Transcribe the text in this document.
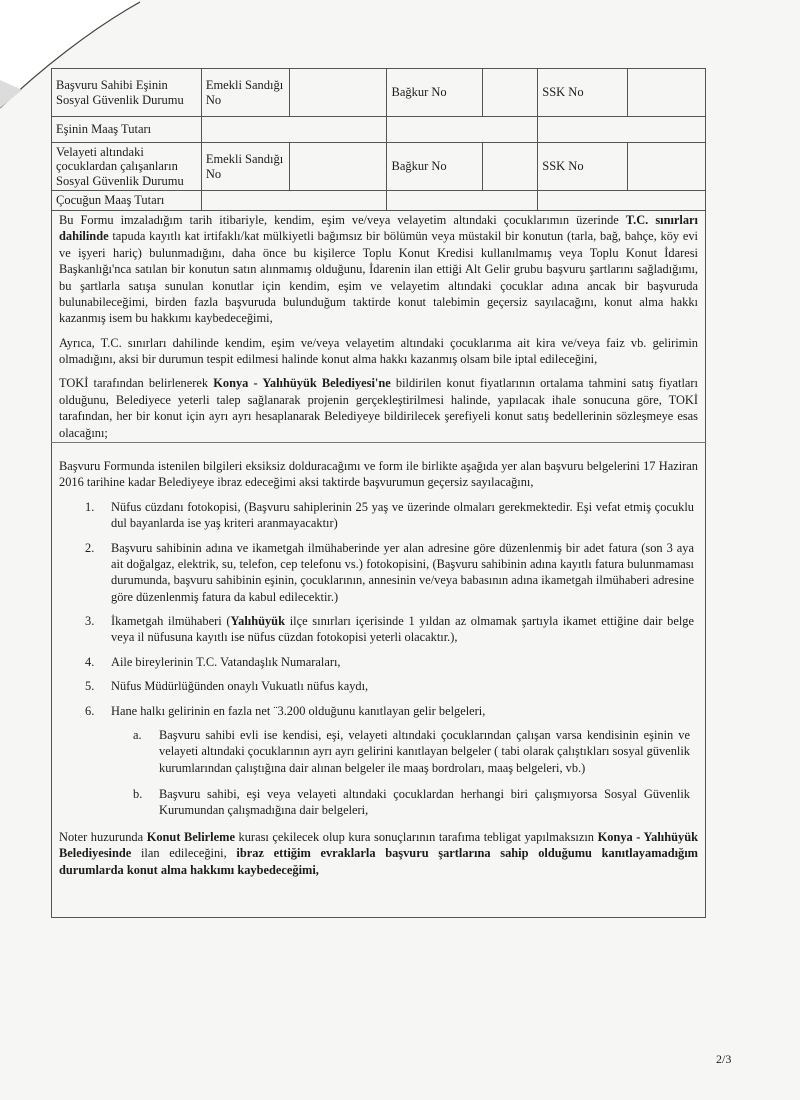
Başvuru Sahibi Eşinin Sosyal Güvenlik Durumu	Emekli Sandığı No		Bağkur No		SSK No	
Eşinin Maaş Tutarı						
Velayeti altındaki çocuklardan çalışanların Sosyal Güvenlik Durumu	Emekli Sandığı No		Bağkur No		SSK No	
Çocuğun Maaş Tutarı						

Bu Formu imzaladığım tarih itibariyle, kendim, eşim ve/veya velayetim altındaki çocuklarımın üzerinde T.C. sınırları dahilinde tapuda kayıtlı kat irtifaklı/kat mülkiyetli bağımsız bir bölümün veya müstakil bir konutun (tarla, bağ, bahçe, köy evi ve işyeri hariç) bulunmadığını, daha önce bu kişilerce Toplu Konut Kredisi kullanılmamış veya Toplu Konut İdaresi Başkanlığı'nca satılan bir konutun satın alınmamış olduğunu, İdarenin ilan ettiği Alt Gelir grubu başvuru şartlarını sağladığımı, bu şartlarla satışa sunulan konutlar için kendim, eşim ve velayetim altındaki çocuklar adına ancak bir başvuruda bulunabileceğimi, birden fazla başvuruda bulunduğum taktirde konut talebimin geçersiz sayılacağını, konut alma hakkı kazanmış isem bu hakkımı kaybedeceğimi,

Ayrıca, T.C. sınırları dahilinde kendim, eşim ve/veya velayetim altındaki çocuklarıma ait kira ve/veya faiz vb. gelirimin olmadığını, aksi bir durumun tespit edilmesi halinde konut alma hakkı kazanmış olsam bile iptal edileceğini,

TOKİ tarafından belirlenerek Konya - Yalıhüyük Belediyesi'ne bildirilen konut fiyatlarının ortalama tahmini satış fiyatları olduğunu, Belediyece yeterli talep sağlanarak projenin gerçekleştirilmesi halinde, yapılacak ihale sonucuna göre, TOKİ tarafından, her bir konut için ayrı ayrı hesaplanarak Belediyeye bildirilecek şerefiyeli konut satış bedellerinin sözleşmeye esas olacağını;

Başvuru Formunda istenilen bilgileri eksiksiz dolduracağımı ve form ile birlikte aşağıda yer alan başvuru belgelerini 17 Haziran 2016 tarihine kadar Belediyeye ibraz edeceğimi aksi taktirde başvurumun geçersiz sayılacağını,

1. Nüfus cüzdanı fotokopisi, (Başvuru sahiplerinin 25 yaş ve üzerinde olmaları gerekmektedir. Eşi vefat etmiş çocuklu dul bayanlarda ise yaş kriteri aranmayacaktır)
2. Başvuru sahibinin adına ve ikametgah ilmühaberinde yer alan adresine göre düzenlenmiş bir adet fatura (son 3 aya ait doğalgaz, elektrik, su, telefon, cep telefonu vs.) fotokopisini, (Başvuru sahibinin adına kayıtlı fatura bulunmaması durumunda, başvuru sahibinin eşinin, çocuklarının, annesinin ve/veya babasının adına ikametgah ilmühaberi adresine göre düzenlenmiş fatura da kabul edilecektir.)
3. İkametgah ilmühaberi (Yalıhüyük ilçe sınırları içerisinde 1 yıldan az olmamak şartıyla ikamet ettiğine dair belge veya il nüfusuna kayıtlı ise nüfus cüzdan fotokopisi yeterli olacaktır.),
4. Aile bireylerinin T.C. Vatandaşlık Numaraları,
5. Nüfus Müdürlüğünden onaylı Vukuatlı nüfus kaydı,
6. Hane halkı gelirinin en fazla net ¨3.200 olduğunu kanıtlayan gelir belgeleri,
a. Başvuru sahibi evli ise kendisi, eşi, velayeti altındaki çocuklarından çalışan varsa kendisinin eşinin ve velayeti altındaki çocuklarının ayrı ayrı gelirini kanıtlayan belgeler ( tabi olarak çalıştıkları sosyal güvenlik kurumlarından çalıştığına dair alınan belgeler ile maaş bordroları, maaş belgeleri, vb.)
b. Başvuru sahibi, eşi veya velayeti altındaki çocuklardan herhangi biri çalışmıyorsa Sosyal Güvenlik Kurumundan çalışmadığına dair belgeleri,

Noter huzurunda Konut Belirleme kurası çekilecek olup kura sonuçlarının tarafıma tebligat yapılmaksızın Konya - Yalıhüyük Belediyesinde ilan edileceğini, ibraz ettiğim evraklarla başvuru şartlarına sahip olduğumu kanıtlayamadığım durumlarda konut alma hakkımı kaybedeceğimi,

2/3
